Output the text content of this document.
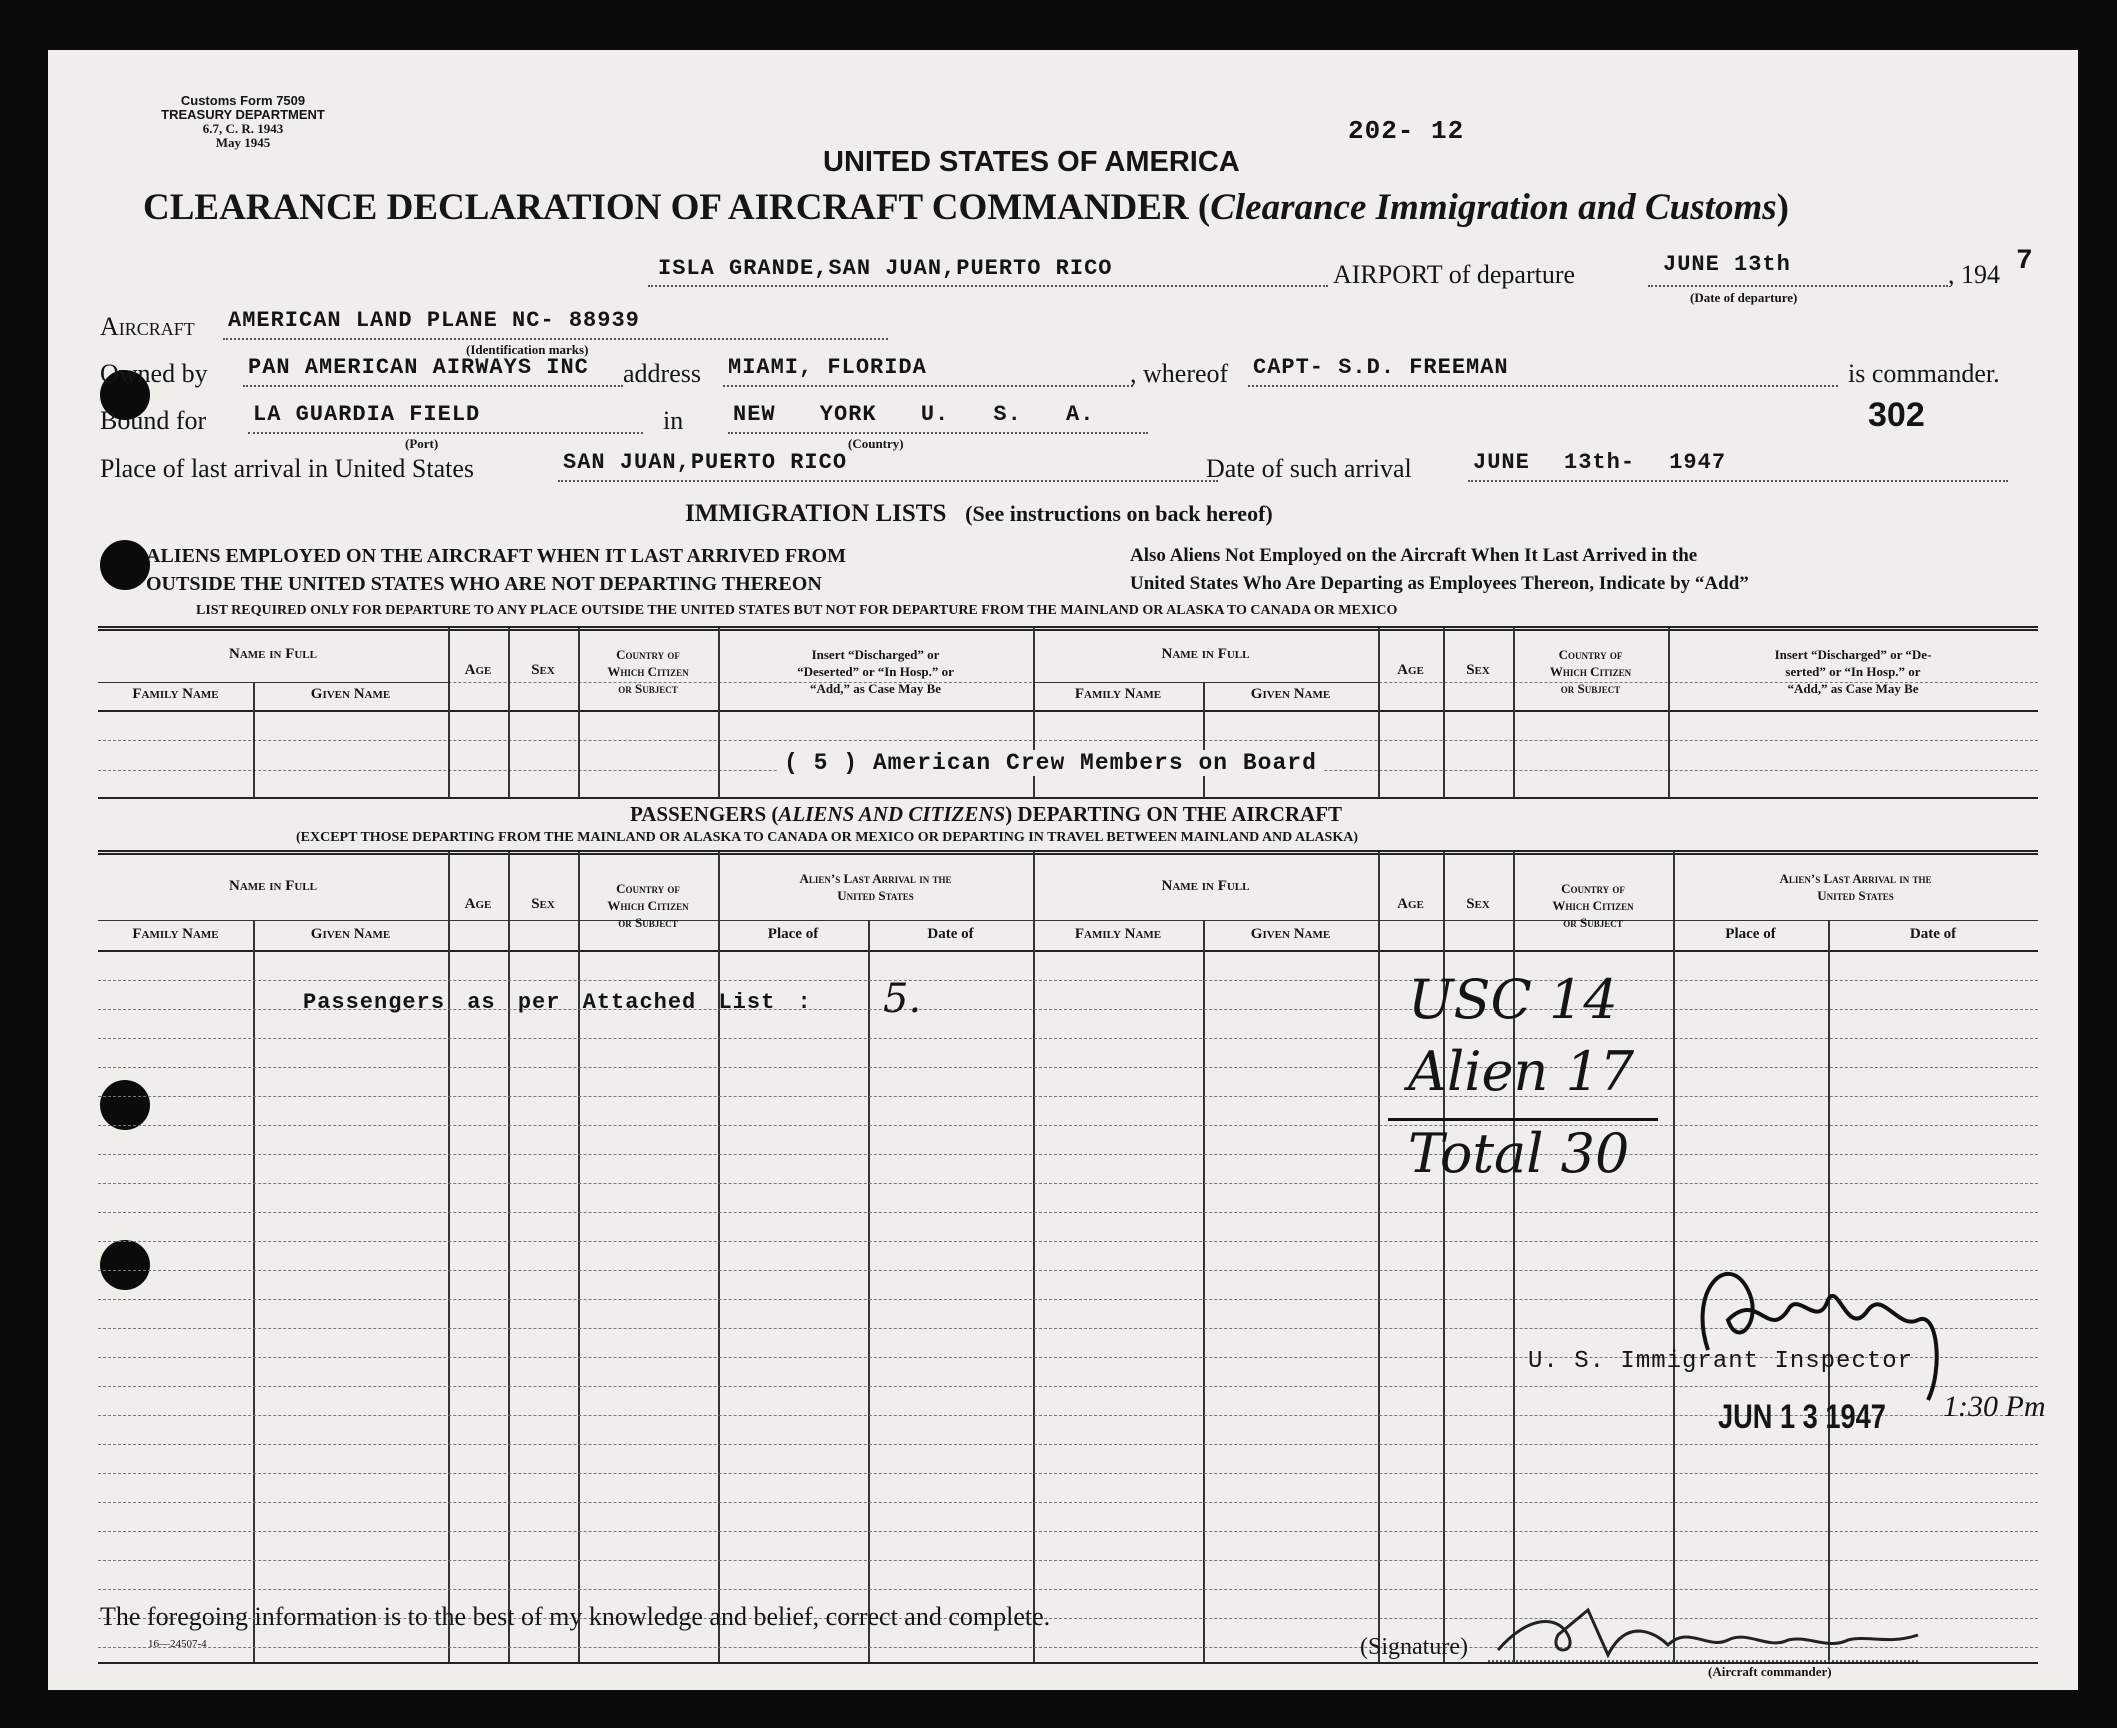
Customs Form 7509
TREASURY DEPARTMENT
6.7, C. R. 1943
May 1945	202- 12
UNITED STATES OF AMERICA
CLEARANCE DECLARATION OF AIRCRAFT COMMANDER (Clearance Immigration and Customs)
ISLA GRANDE,SAN JUAN,PUERTO RICO	AIRPORT of departure	JUNE 13th	, 194 7
(Date of departure)
Aircraft AMERICAN LAND PLANE NC- 88939
(Identification marks)
Owned by PAN AMERICAN AIRWAYS INC address MIAMI, FLORIDA	, whereof CAPT- S.D. FREEMAN	is commander.
Bound for LA GUARDIA FIELD
(Port)
in NEW YORK U. S. A.
(Country)
302
Place of last arrival in United States	SAN JUAN,PUERTO RICO	Date of such arrival	JUNE 13th- 1947
IMMIGRATION LISTS (See instructions on back hereof)
ALIENS EMPLOYED ON THE AIRCRAFT WHEN IT LAST ARRIVED FROM
OUTSIDE THE UNITED STATES WHO ARE NOT DEPARTING THEREON
Also Aliens Not Employed on the Aircraft When It Last Arrived in the
United States Who Are Departing as Employees Thereon, Indicate by “Add”
LIST REQUIRED ONLY FOR DEPARTURE TO ANY PLACE OUTSIDE THE UNITED STATES BUT NOT FOR DEPARTURE FROM THE MAINLAND OR ALASKA TO CANADA OR MEXICO
Name in Full
Family Name	Given Name
Age	Sex
Country of
Which Citizen
or Subject
Insert “Discharged” or
“Deserted” or “In Hosp.” or
“Add,” as Case May Be
Name in Full
Family Name	Given Name
Age	Sex
Country of
Which Citizen
or Subject
Insert “Discharged” or “De-
serted” or “In Hosp.” or
“Add,” as Case May Be
( 5 ) American Crew Members on Board
PASSENGERS (ALIENS AND CITIZENS) DEPARTING ON THE AIRCRAFT
(EXCEPT THOSE DEPARTING FROM THE MAINLAND OR ALASKA TO CANADA OR MEXICO OR DEPARTING IN TRAVEL BETWEEN MAINLAND AND ALASKA)
Name in Full
Family Name	Given Name
Age	Sex
Country of
Which Citizen
or Subject
Alien’s Last Arrival in the
United States
Place of	Date of
Name in Full
Family Name	Given Name
Age	Sex
Country of
Which Citizen
or Subject
Alien’s Last Arrival in the
United States
Place of	Date of
Passengers as per Attached List : 5.	USC 14
Alien 17
Total 30
U. S. Immigrant Inspector
JUN 1 3 1947 1:30 Pm
The foregoing information is to the best of my knowledge and belief, correct and complete.
16—24507-4	(Signature)
(Aircraft commander)
